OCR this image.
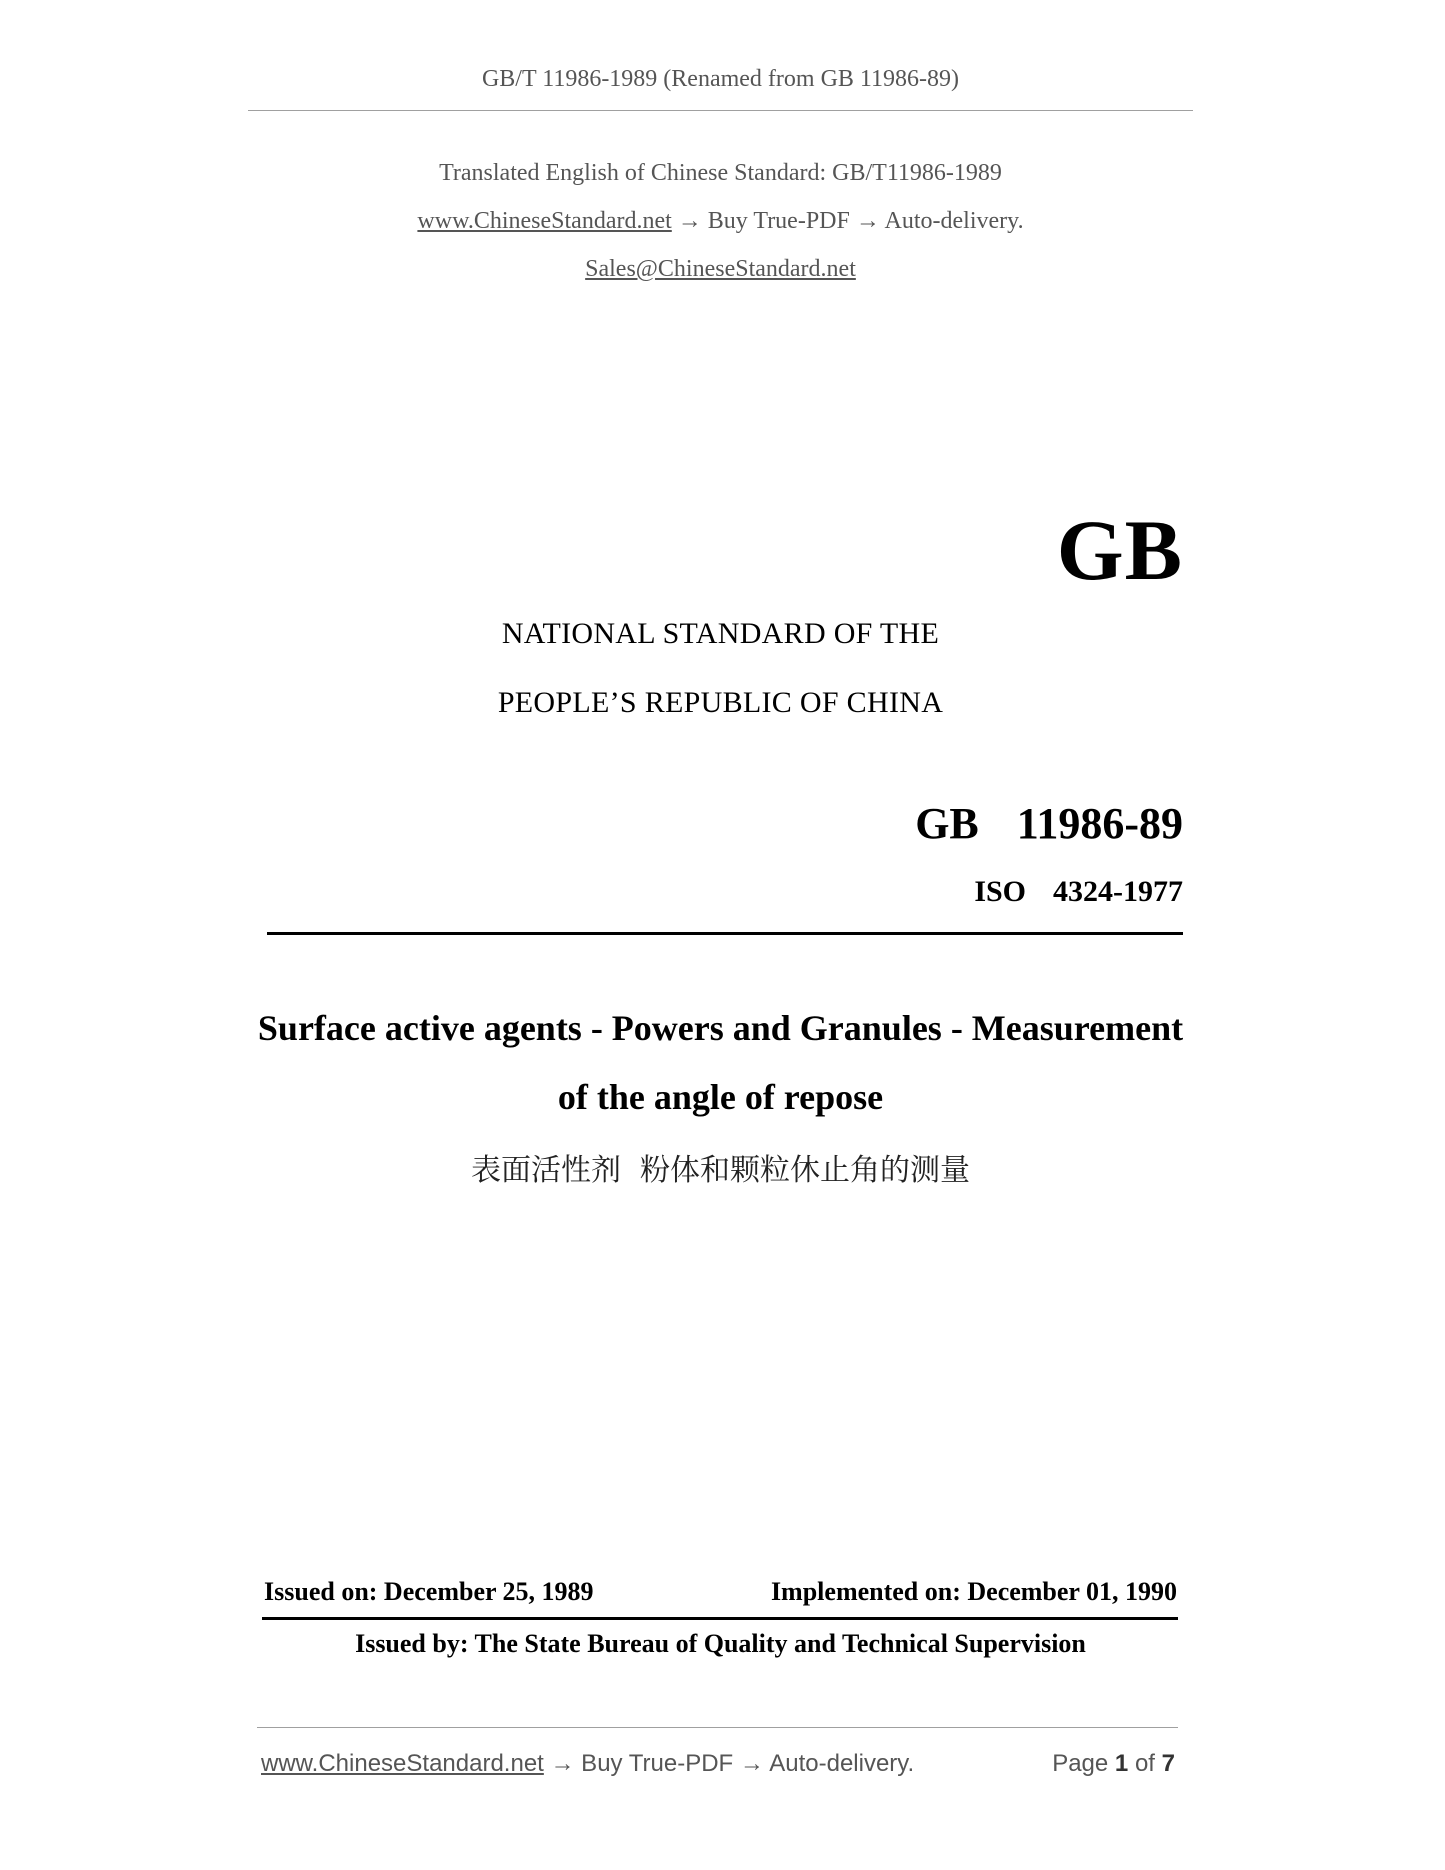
GB/T 11986-1989 (Renamed from GB 11986-89)
Translated English of Chinese Standard: GB/T11986-1989
www.ChineseStandard.net → Buy True-PDF → Auto-delivery.
Sales@ChineseStandard.net
GB
NATIONAL STANDARD OF THE
PEOPLE’S REPUBLIC OF CHINA
GB  11986-89
ISO  4324-1977
Surface active agents - Powers and Granules - Measurement
of the angle of repose
表面活性剂  粉体和颗粒休止角的测量
Issued on: December 25, 1989	Implemented on: December 01, 1990
Issued by: The State Bureau of Quality and Technical Supervision
www.ChineseStandard.net → Buy True-PDF → Auto-delivery.	Page 1 of 7
